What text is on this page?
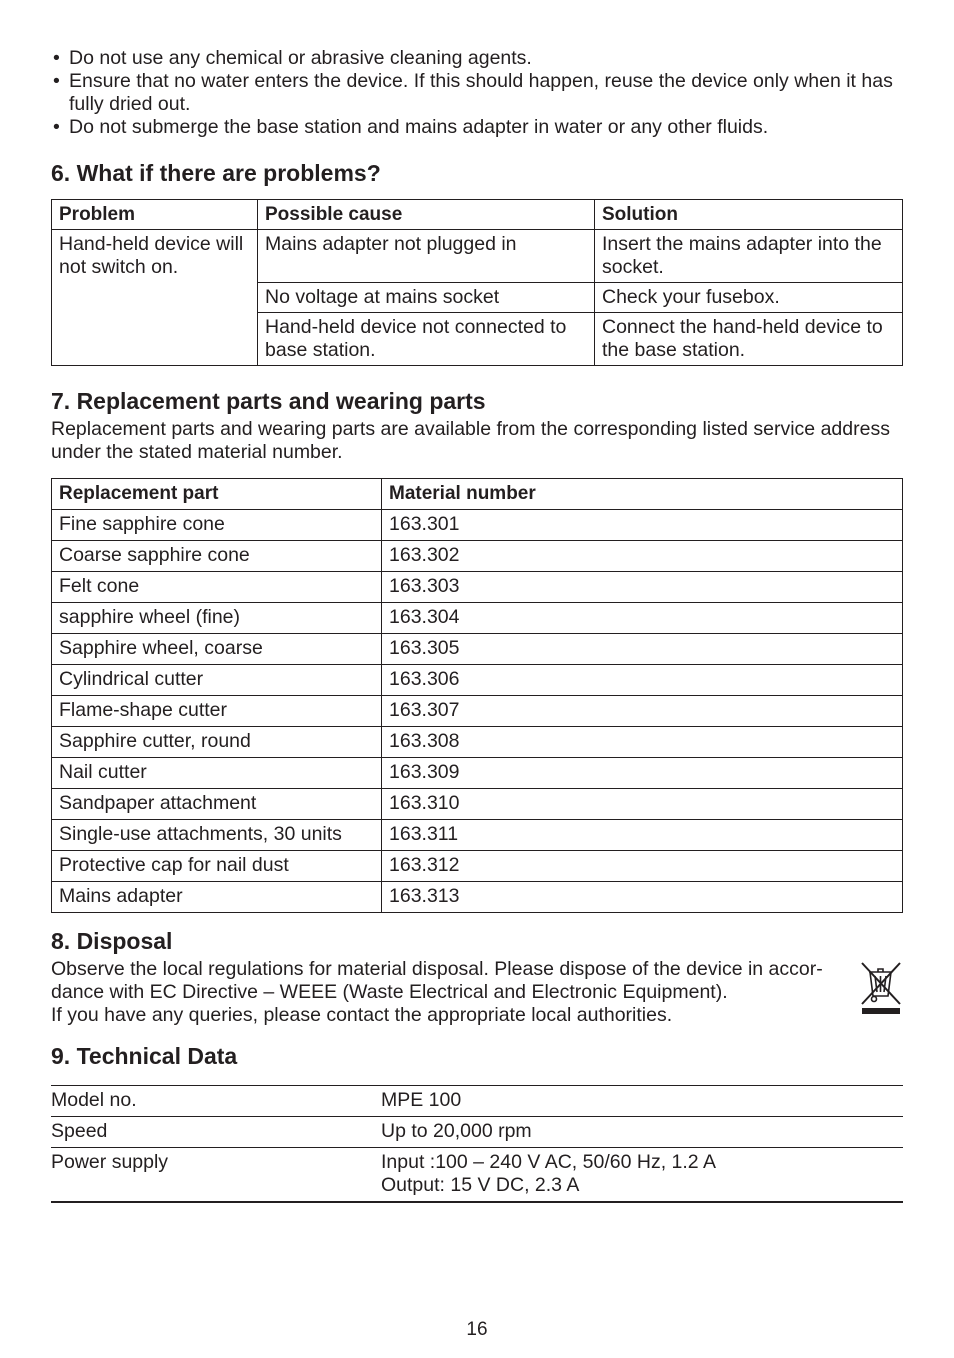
• Do not use any chemical or abrasive cleaning agents.
• Ensure that no water enters the device. If this should happen, reuse the device only when it has fully dried out.
• Do not submerge the base station and mains adapter in water or any other fluids.
6. What if there are problems?
Problem	Possible cause	Solution
Hand-held device will not switch on.	Mains adapter not plugged in	Insert the mains adapter into the socket.
	No voltage at mains socket	Check your fusebox.
	Hand-held device not connected to base station.	Connect the hand-held device to the base station.
7. Replacement parts and wearing parts

Replacement parts and wearing parts are available from the corresponding listed service address under the stated material number.

Replacement part	Material number
Fine sapphire cone	163.301
Coarse sapphire cone	163.302
Felt cone	163.303
sapphire wheel (fine)	163.304
Sapphire wheel, coarse	163.305
Cylindrical cutter	163.306
Flame-shape cutter	163.307
Sapphire cutter, round	163.308
Nail cutter	163.309
Sandpaper attachment	163.310
Single-use attachments, 30 units	163.311
Protective cap for nail dust	163.312
Mains adapter	163.313
8. Disposal

Observe the local regulations for material disposal. Please dispose of the device in accor-dance with EC Directive – WEEE (Waste Electrical and Electronic Equipment).

If you have any queries, please contact the appropriate local authorities.

9. Technical Data
Model no.	MPE 100
Speed	Up to 20,000 rpm
Power supply	Input :100 – 240 V AC, 50/60 Hz, 1.2 A
Output: 15 V DC, 2.3 A
16
